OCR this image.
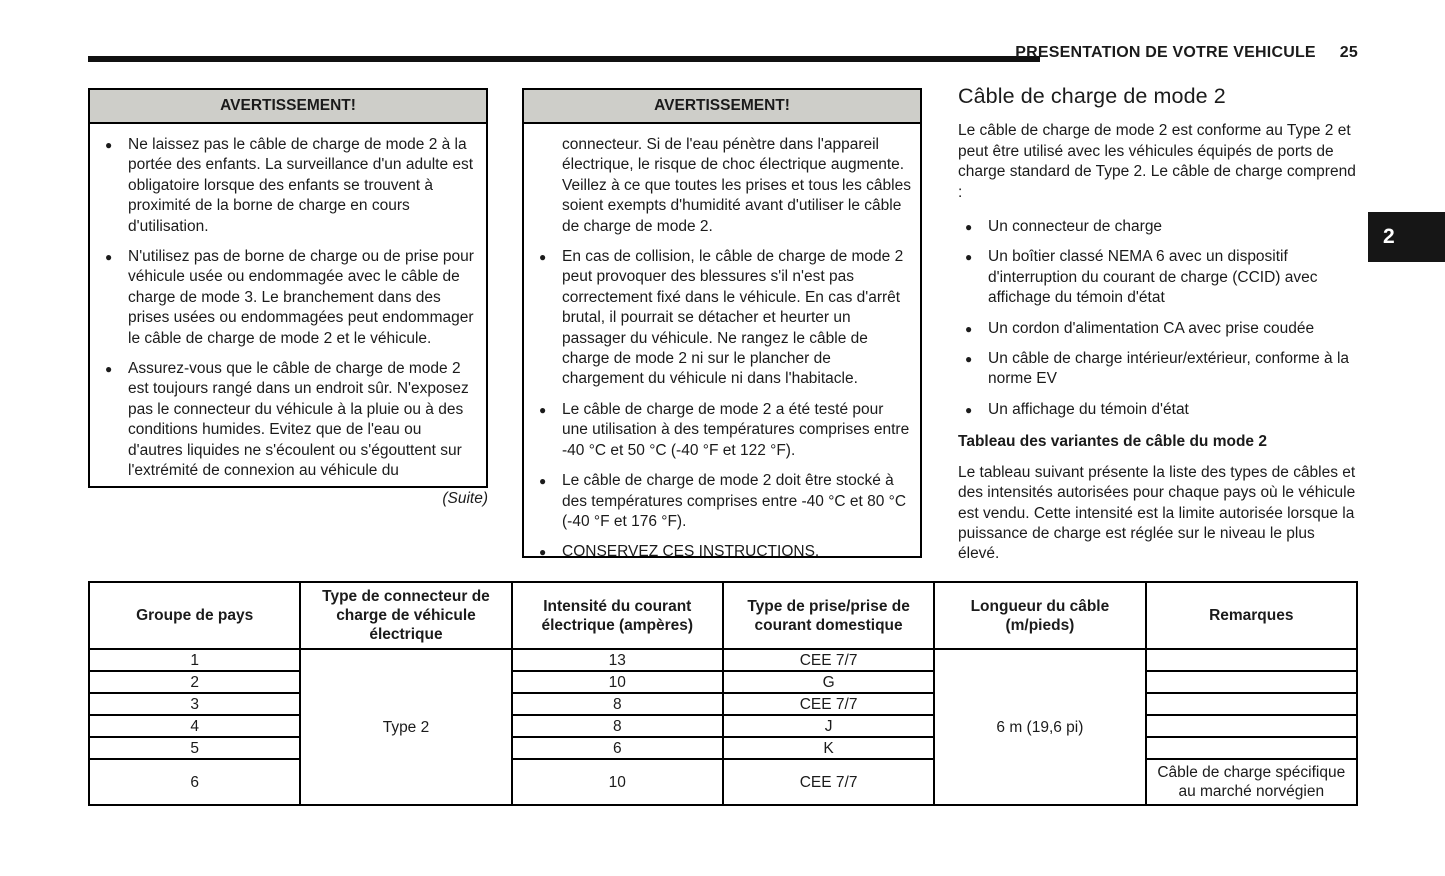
PRESENTATION DE VOTRE VEHICULE 25
2
AVERTISSEMENT!
● Ne laissez pas le câble de charge de mode 2 à la portée des enfants. La surveillance d'un adulte est obligatoire lorsque des enfants se trouvent à proximité de la borne de charge en cours d'utilisation.
● N'utilisez pas de borne de charge ou de prise pour véhicule usée ou endommagée avec le câble de charge de mode 3. Le branchement dans des prises usées ou endommagées peut endommager le câble de charge de mode 2 et le véhicule.
● Assurez-vous que le câble de charge de mode 2 est toujours rangé dans un endroit sûr. N'exposez pas le connecteur du véhicule à la pluie ou à des conditions humides. Evitez que de l'eau ou d'autres liquides ne s'écoulent ou s'égouttent sur l'extrémité de connexion au véhicule du
(Suite)
AVERTISSEMENT!

connecteur. Si de l'eau pénètre dans l'appareil électrique, le risque de choc électrique augmente. Veillez à ce que toutes les prises et tous les câbles soient exempts d'humidité avant d'utiliser le câble de charge de mode 2.

● En cas de collision, le câble de charge de mode 2 peut provoquer des blessures s'il n'est pas correctement fixé dans le véhicule. En cas d'arrêt brutal, il pourrait se détacher et heurter un passager du véhicule. Ne rangez le câble de charge de mode 2 ni sur le plancher de chargement du véhicule ni dans l'habitacle.
● Le câble de charge de mode 2 a été testé pour une utilisation à des températures comprises entre -40 °C et 50 °C (-40 °F et 122 °F).
● Le câble de charge de mode 2 doit être stocké à des températures comprises entre -40 °C et 80 °C (-40 °F et 176 °F).
● CONSERVEZ CES INSTRUCTIONS.
Câble de charge de mode 2

Le câble de charge de mode 2 est conforme au Type 2 et peut être utilisé avec les véhicules équipés de ports de charge standard de Type 2. Le câble de charge comprend :

● Un connecteur de charge
● Un boîtier classé NEMA 6 avec un dispositif d'interruption du courant de charge (CCID) avec affichage du témoin d'état
● Un cordon d'alimentation CA avec prise coudée
● Un câble de charge intérieur/extérieur, conforme à la norme EV
● Un affichage du témoin d'état
Tableau des variantes de câble du mode 2

Le tableau suivant présente la liste des types de câbles et des intensités autorisées pour chaque pays où le véhicule est vendu. Cette intensité est la limite autorisée lorsque la puissance de charge est réglée sur le niveau le plus élevé.

Groupe de pays	Type de connecteur de charge de véhicule électrique	Intensité du courant électrique (ampères)	Type de prise/prise de courant domestique	Longueur du câble (m/pieds)	Remarques
1	Type 2	13	CEE 7/7	6 m (19,6 pi)	
2		10	G		
3		8	CEE 7/7		
4		8	J		
5		6	K		
6		10	CEE 7/7		Câble de charge spécifique au marché norvégien
